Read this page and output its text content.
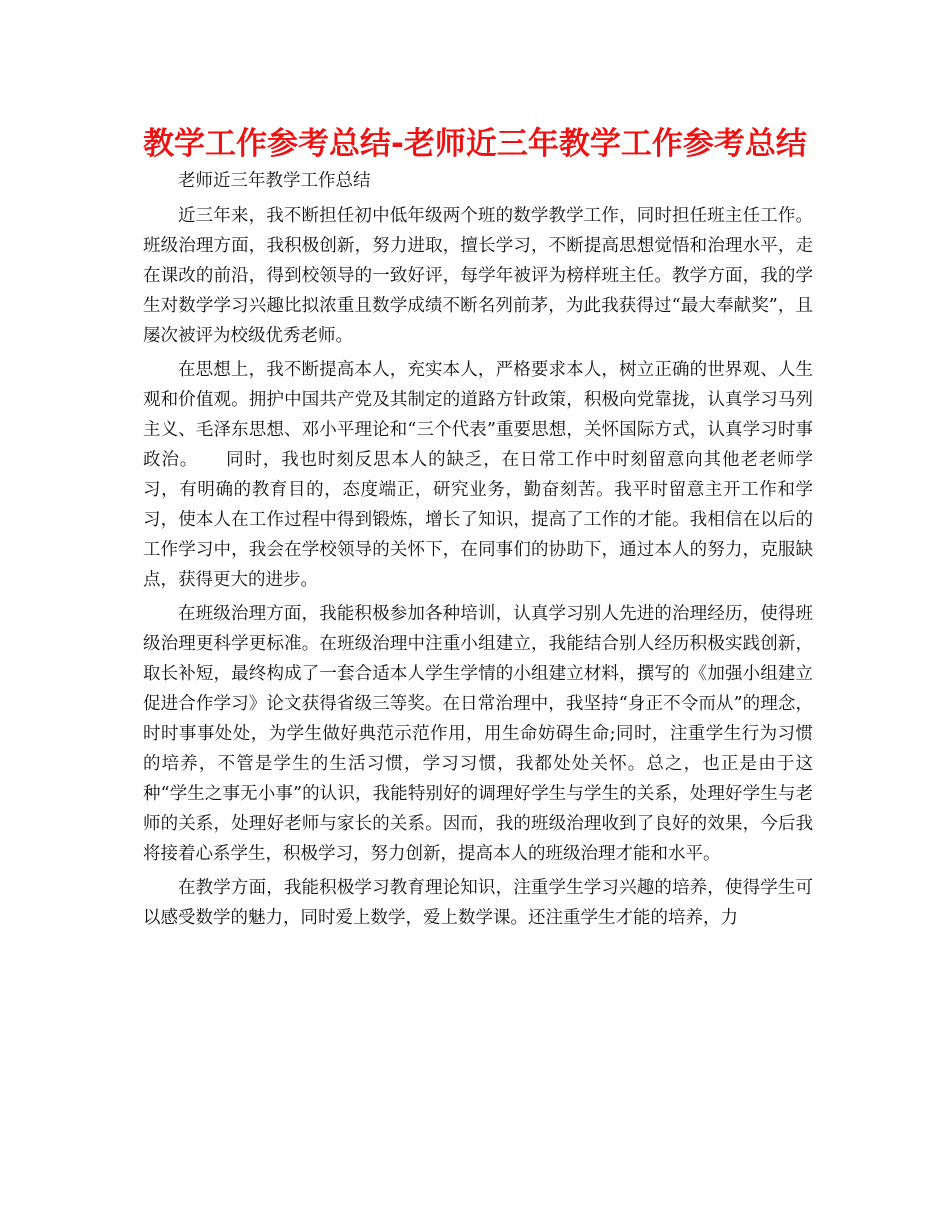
教学工作参考总结-老师近三年教学工作参考总结

老师近三年教学工作总结

近三年来，我不断担任初中低年级两个班的数学教学工作，同时担任班主任工作。班级治理方面，我积极创新，努力进取，擅长学习，不断提高思想觉悟和治理水平，走在课改的前沿，得到校领导的一致好评，每学年被评为榜样班主任。教学方面，我的学生对数学学习兴趣比拟浓重且数学成绩不断名列前茅，为此我获得过“最大奉献奖”，且屡次被评为校级优秀老师。

在思想上，我不断提高本人，充实本人，严格要求本人，树立正确的世界观、人生观和价值观。拥护中国共产党及其制定的道路方针政策，积极向党靠拢，认真学习马列主义、毛泽东思想、邓小平理论和“三个代表”重要思想，关怀国际方式，认真学习时事政治。　　同时，我也时刻反思本人的缺乏，在日常工作中时刻留意向其他老老师学习，有明确的教育目的，态度端正，研究业务，勤奋刻苦。我平时留意主开工作和学习，使本人在工作过程中得到锻炼，增长了知识，提高了工作的才能。我相信在以后的工作学习中，我会在学校领导的关怀下，在同事们的协助下，通过本人的努力，克服缺点，获得更大的进步。

在班级治理方面，我能积极参加各种培训，认真学习别人先进的治理经历，使得班级治理更科学更标准。在班级治理中注重小组建立，我能结合别人经历积极实践创新，取长补短，最终构成了一套合适本人学生学情的小组建立材料，撰写的《加强小组建立促进合作学习》论文获得省级三等奖。在日常治理中，我坚持“身正不令而从”的理念，时时事事处处，为学生做好典范示范作用，用生命妨碍生命;同时，注重学生行为习惯的培养，不管是学生的生活习惯，学习习惯，我都处处关怀。总之，也正是由于这种“学生之事无小事”的认识，我能特别好的调理好学生与学生的关系，处理好学生与老师的关系，处理好老师与家长的关系。因而，我的班级治理收到了良好的效果，今后我将接着心系学生，积极学习，努力创新，提高本人的班级治理才能和水平。

在教学方面，我能积极学习教育理论知识，注重学生学习兴趣的培养，使得学生可以感受数学的魅力，同时爱上数学，爱上数学课。还注重学生才能的培养，力
